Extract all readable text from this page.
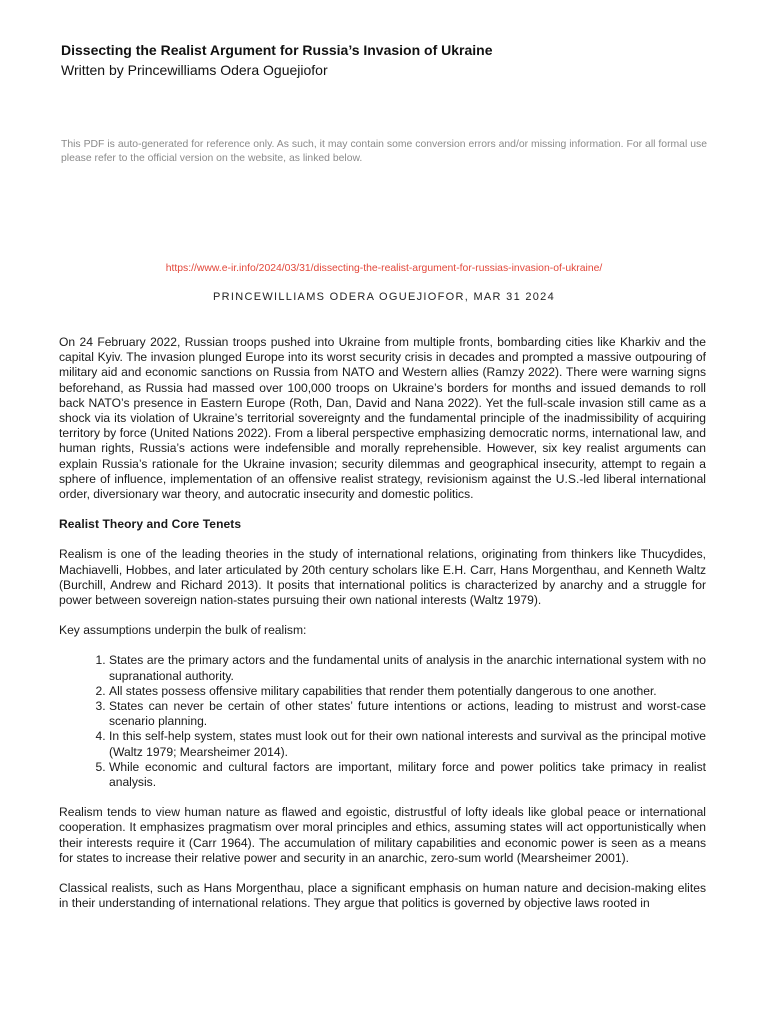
Dissecting the Realist Argument for Russia’s Invasion of Ukraine
Written by Princewilliams Odera Oguejiofor
This PDF is auto-generated for reference only. As such, it may contain some conversion errors and/or missing information. For all formal use please refer to the official version on the website, as linked below.
https://www.e-ir.info/2024/03/31/dissecting-the-realist-argument-for-russias-invasion-of-ukraine/
PRINCEWILLIAMS ODERA OGUEJIOFOR, MAR 31 2024

On 24 February 2022, Russian troops pushed into Ukraine from multiple fronts, bombarding cities like Kharkiv and the capital Kyiv. The invasion plunged Europe into its worst security crisis in decades and prompted a massive outpouring of military aid and economic sanctions on Russia from NATO and Western allies (Ramzy 2022). There were warning signs beforehand, as Russia had massed over 100,000 troops on Ukraine’s borders for months and issued demands to roll back NATO’s presence in Eastern Europe (Roth, Dan, David and Nana 2022). Yet the full-scale invasion still came as a shock via its violation of Ukraine’s territorial sovereignty and the fundamental principle of the inadmissibility of acquiring territory by force (United Nations 2022). From a liberal perspective emphasizing democratic norms, international law, and human rights, Russia’s actions were indefensible and morally reprehensible. However, six key realist arguments can explain Russia’s rationale for the Ukraine invasion; security dilemmas and geographical insecurity, attempt to regain a sphere of influence, implementation of an offensive realist strategy, revisionism against the U.S.-led liberal international order, diversionary war theory, and autocratic insecurity and domestic politics.

Realist Theory and Core Tenets

Realism is one of the leading theories in the study of international relations, originating from thinkers like Thucydides, Machiavelli, Hobbes, and later articulated by 20th century scholars like E.H. Carr, Hans Morgenthau, and Kenneth Waltz (Burchill, Andrew and Richard 2013). It posits that international politics is characterized by anarchy and a struggle for power between sovereign nation-states pursuing their own national interests (Waltz 1979).

Key assumptions underpin the bulk of realism:

1. States are the primary actors and the fundamental units of analysis in the anarchic international system with no supranational authority.
2. All states possess offensive military capabilities that render them potentially dangerous to one another.
3. States can never be certain of other states’ future intentions or actions, leading to mistrust and worst-case scenario planning.
4. In this self-help system, states must look out for their own national interests and survival as the principal motive (Waltz 1979; Mearsheimer 2014).
5. While economic and cultural factors are important, military force and power politics take primacy in realist analysis.

Realism tends to view human nature as flawed and egoistic, distrustful of lofty ideals like global peace or international cooperation. It emphasizes pragmatism over moral principles and ethics, assuming states will act opportunistically when their interests require it (Carr 1964). The accumulation of military capabilities and economic power is seen as a means for states to increase their relative power and security in an anarchic, zero-sum world (Mearsheimer 2001).

Classical realists, such as Hans Morgenthau, place a significant emphasis on human nature and decision-making elites in their understanding of international relations. They argue that politics is governed by objective laws rooted in
